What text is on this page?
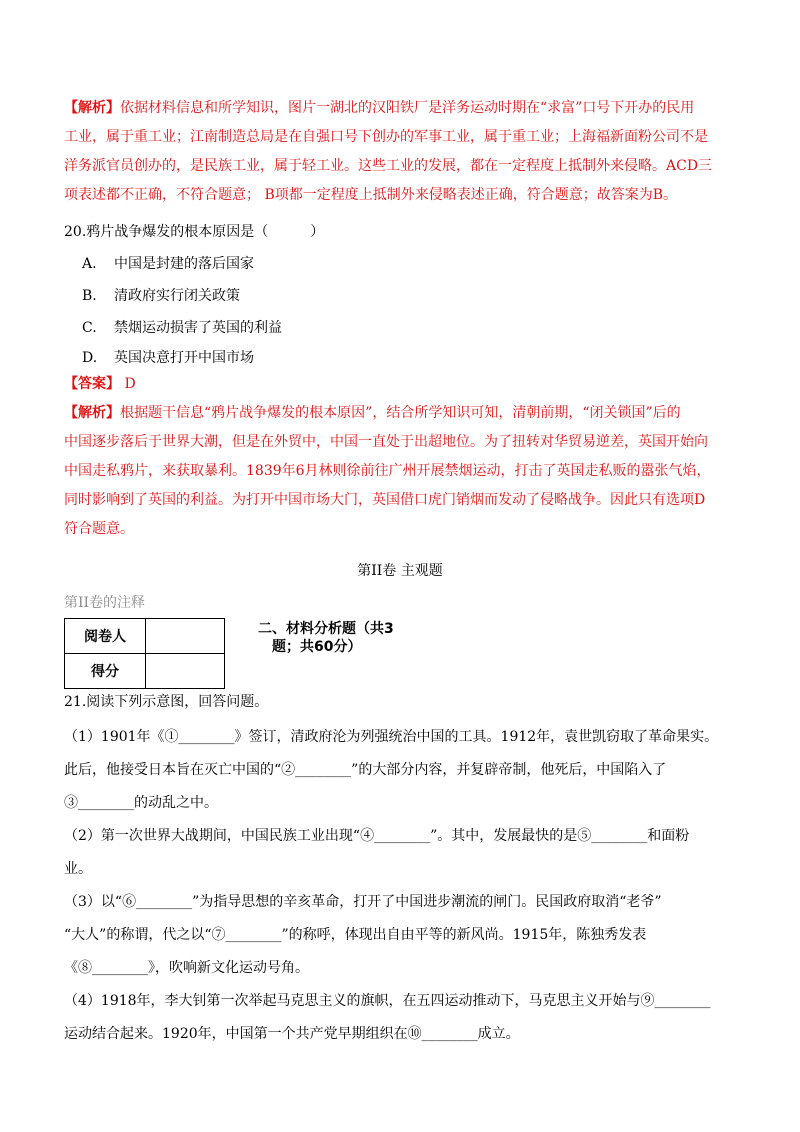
【解析】依据材料信息和所学知识，图片一湖北的汉阳铁厂是洋务运动时期在“求富”口号下开办的民用
工业，属于重工业；江南制造总局是在自强口号下创办的军事工业，属于重工业；上海福新面粉公司不是
洋务派官员创办的，是民族工业，属于轻工业。这些工业的发展，都在一定程度上抵制外来侵略。ACD三
项表述都不正确，不符合题意； B项都一定程度上抵制外来侵略表述正确，符合题意；故答案为B。
20.鸦片战争爆发的根本原因是（　　　）
A. 中国是封建的落后国家
B. 清政府实行闭关政策
C. 禁烟运动损害了英国的利益
D. 英国决意打开中国市场
【答案】 D
【解析】根据题干信息“鸦片战争爆发的根本原因”，结合所学知识可知，清朝前期，“闭关锁国”后的
中国逐步落后于世界大潮，但是在外贸中，中国一直处于出超地位。为了扭转对华贸易逆差，英国开始向
中国走私鸦片，来获取暴利。1839年6月林则徐前往广州开展禁烟运动，打击了英国走私贩的嚣张气焰，
同时影响到了英国的利益。为打开中国市场大门，英国借口虎门销烟而发动了侵略战争。因此只有选项D
符合题意。
第II卷 主观题
第II卷的注释
阅卷人	
得分	
二、材料分析题（共3
题；共60分）
21.阅读下列示意图，回答问题。
（1）1901年《①________》签订，清政府沦为列强统治中国的工具。1912年，袁世凯窃取了革命果实。
此后，他接受日本旨在灭亡中国的“②________”的大部分内容，并复辟帝制，他死后，中国陷入了
③________的动乱之中。
（2）第一次世界大战期间，中国民族工业出现“④________”。其中，发展最快的是⑤________和面粉
业。
（3）以“⑥________”为指导思想的辛亥革命，打开了中国进步潮流的闸门。民国政府取消“老爷”
“大人”的称谓，代之以“⑦________”的称呼，体现出自由平等的新风尚。1915年，陈独秀发表
《⑧________》，吹响新文化运动号角。
（4）1918年，李大钊第一次举起马克思主义的旗帜，在五四运动推动下，马克思主义开始与⑨________
运动结合起来。1920年，中国第一个共产党早期组织在⑩________成立。
